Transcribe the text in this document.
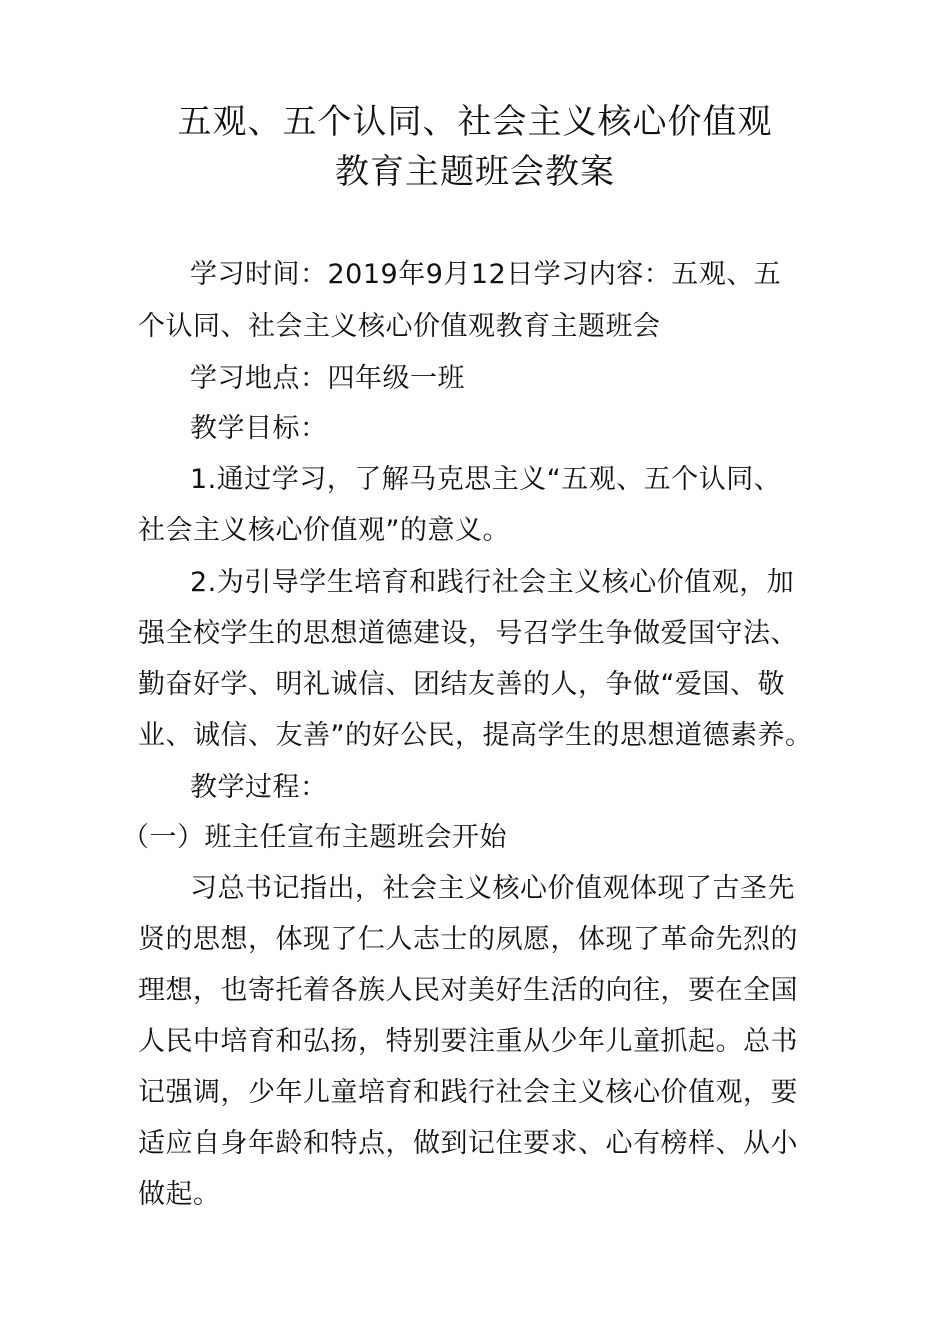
五观、五个认同、社会主义核心价值观
教育主题班会教案
学习时间：2019年9月12日学习内容：五观、五
个认同、社会主义核心价值观教育主题班会
学习地点：四年级一班
教学目标：
1.通过学习，了解马克思主义“五观、五个认同、
社会主义核心价值观”的意义。
2.为引导学生培育和践行社会主义核心价值观，加
强全校学生的思想道德建设，号召学生争做爱国守法、
勤奋好学、明礼诚信、团结友善的人，争做“爱国、敬
业、诚信、友善”的好公民，提高学生的思想道德素养。
教学过程：
（一）班主任宣布主题班会开始
习总书记指出，社会主义核心价值观体现了古圣先
贤的思想，体现了仁人志士的夙愿，体现了革命先烈的
理想，也寄托着各族人民对美好生活的向往，要在全国
人民中培育和弘扬，特别要注重从少年儿童抓起。总书
记强调，少年儿童培育和践行社会主义核心价值观，要
适应自身年龄和特点，做到记住要求、心有榜样、从小
做起。
